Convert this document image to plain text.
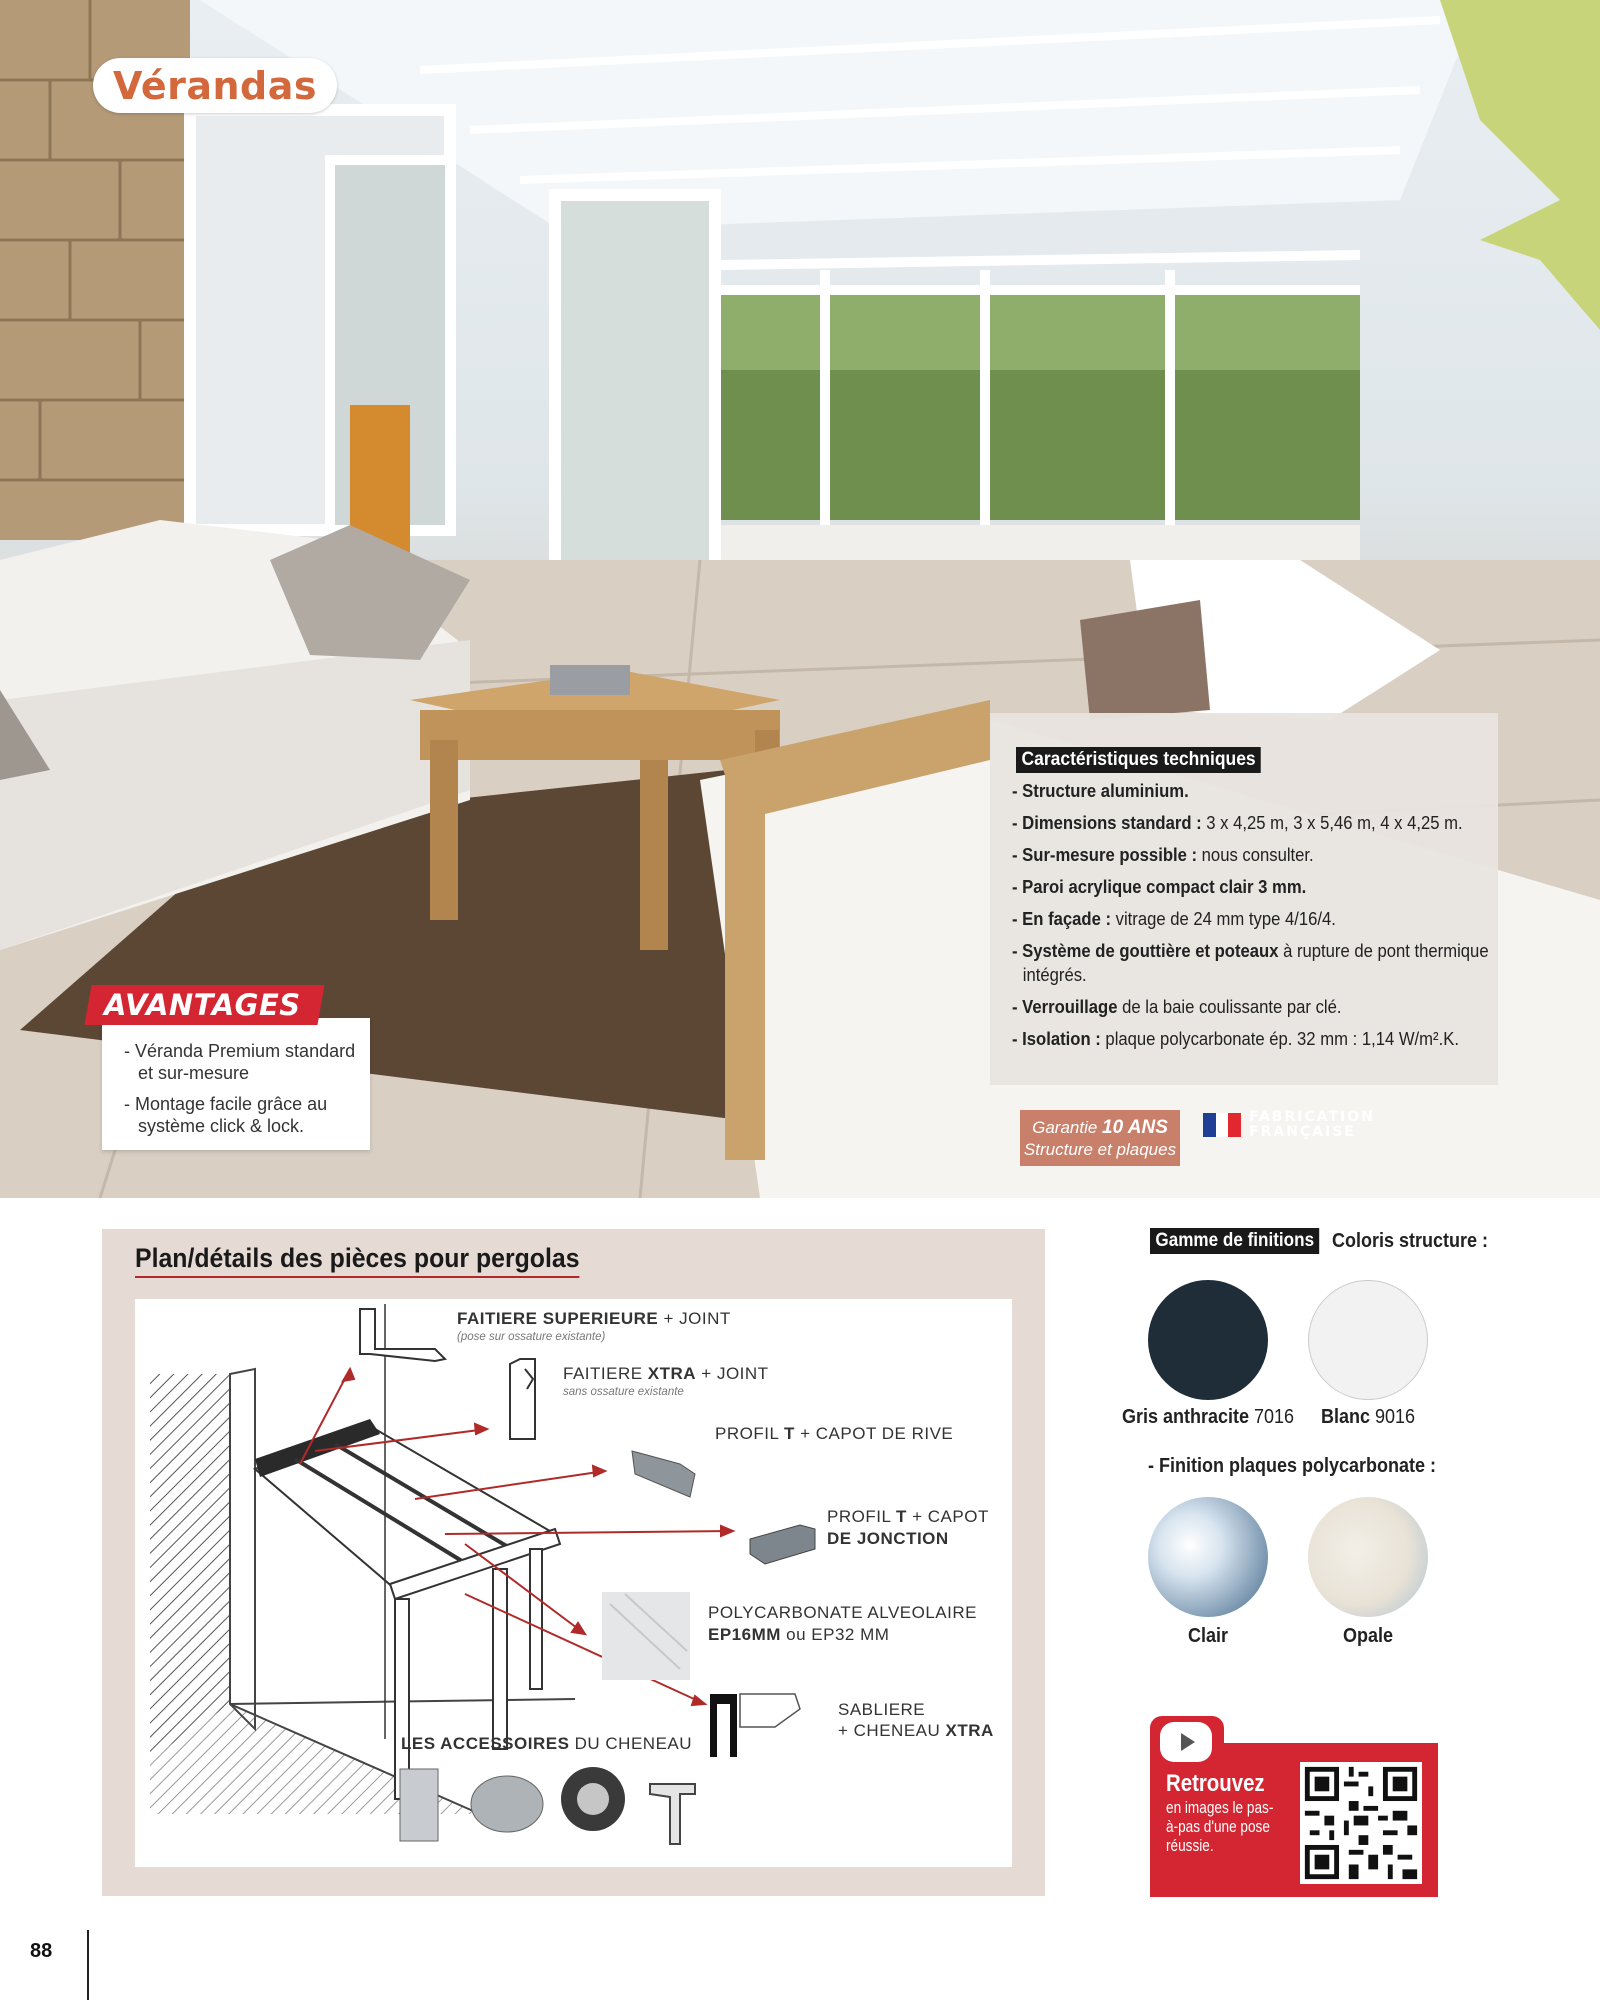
Vérandas
- Véranda Premium standard et sur-mesure
- Montage facile grâce au système click & lock.
AVANTAGES
Caractéristiques techniques
- Structure aluminium.
- Dimensions standard : 3 x 4,25 m, 3 x 5,46 m, 4 x 4,25 m.
- Sur-mesure possible : nous consulter.
- Paroi acrylique compact clair 3 mm.
- En façade : vitrage de 24 mm type 4/16/4.
- Système de gouttière et poteaux à rupture de pont thermique intégrés.
- Verrouillage de la baie coulissante par clé.
- Isolation : plaque polycarbonate ép. 32 mm : 1,14 W/m².K.
Garantie 10 ANS
Structure et plaques
FABRICATION
FRANÇAISE
Plan/détails des pièces pour pergolas
FAITIERE SUPERIEURE + JOINT
(pose sur ossature existante)
FAITIERE XTRA + JOINT
sans ossature existante
PROFIL T + CAPOT DE RIVE
PROFIL T + CAPOT
DE JONCTION
POLYCARBONATE ALVEOLAIRE
EP16MM ou EP32 MM
SABLIERE
+ CHENEAU XTRA
LES ACCESSOIRES DU CHENEAU
Gamme de finitions Coloris structure :
Gris anthracite 7016	Blanc 9016
- Finition plaques polycarbonate :
Clair	Opale
Retrouvez
en images le pas-à-pas d'une pose réussie.
88
